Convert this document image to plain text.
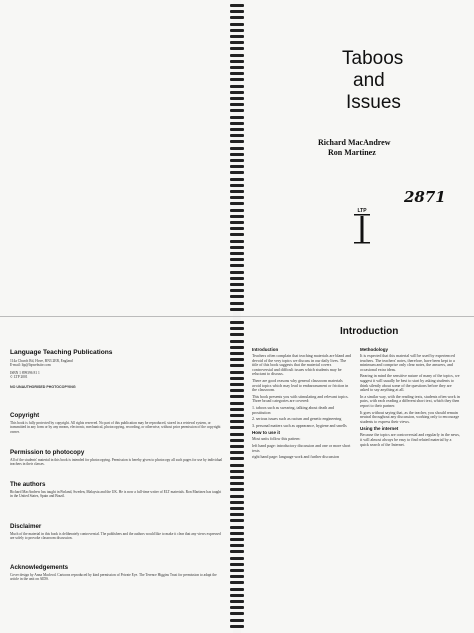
Taboos
and
Issues
Richard MacAndrew
Ron Martinez
LTP
2871
Language Teaching Publications
114a Church Rd, Hove, BN3 2EB, England
E-mail: ltp@ltpwebsite.com
ISBN 1 899396 81 1
© LTP 2001
NO UNAUTHORISED PHOTOCOPYING
Copyright
This book is fully protected by copyright. All rights reserved. No part of this publication may be reproduced, stored in a retrieval system, or transmitted in any form or by any means, electronic, mechanical, photocopying, recording, or otherwise, without prior permission of the copyright owner.
Permission to photocopy
All of the students' material in this book is intended for photocopying. Permission is hereby given to photocopy all such pages for use by individual teachers in their classes.
The authors
Richard MacAndrew has taught in Finland, Sweden, Malaysia and the UK. He is now a full-time writer of ELT materials. Ron Martinez has taught in the United States, Spain and Brazil.
Disclaimer
Much of the material in this book is deliberately controversial. The publishers and the authors would like to make it clear that any views expressed are solely to provoke classroom discussion.
Acknowledgements
Cover design by Anna Macleod. Cartoons reproduced by kind permission of Private Eye. The Terence Higgins Trust for permission to adapt the article in the unit on AIDS.
Introduction
Introduction
Teachers often complain that teaching materials are bland and devoid of the very topics we discuss in our daily lives. The title of this book suggests that the material covers controversial and difficult issues which students may be reluctant to discuss.
There are good reasons why general classroom materials avoid topics which may lead to embarrassment or friction in the classroom.
This book presents you with stimulating and relevant topics. Three broad categories are covered:
1. taboos such as swearing, talking about death and prostitution
2. serious issues such as racism and genetic engineering
3. personal matters such as appearance, hygiene and smells
How to use it
Most units follow this pattern:
left hand page: introductory discussion and one or more short texts
right hand page: language work and further discussion
Methodology
It is expected that this material will be used by experienced teachers. The teachers' notes, therefore, have been kept to a minimum and comprise only clear notes, the answers, and occasional extra ideas.
Bearing in mind the sensitive nature of many of the topics, we suggest it will usually be best to start by asking students to think silently about some of the questions before they are asked to say anything at all.
In a similar way, with the reading texts, students often work in pairs, with each reading a different short text, which they then report to their partner.
It goes without saying that, as the teacher, you should remain neutral throughout any discussion, working only to encourage students to express their views.
Using the internet
Because the topics are controversial and regularly in the news, it will almost always be easy to find related material by a quick search of the Internet.
